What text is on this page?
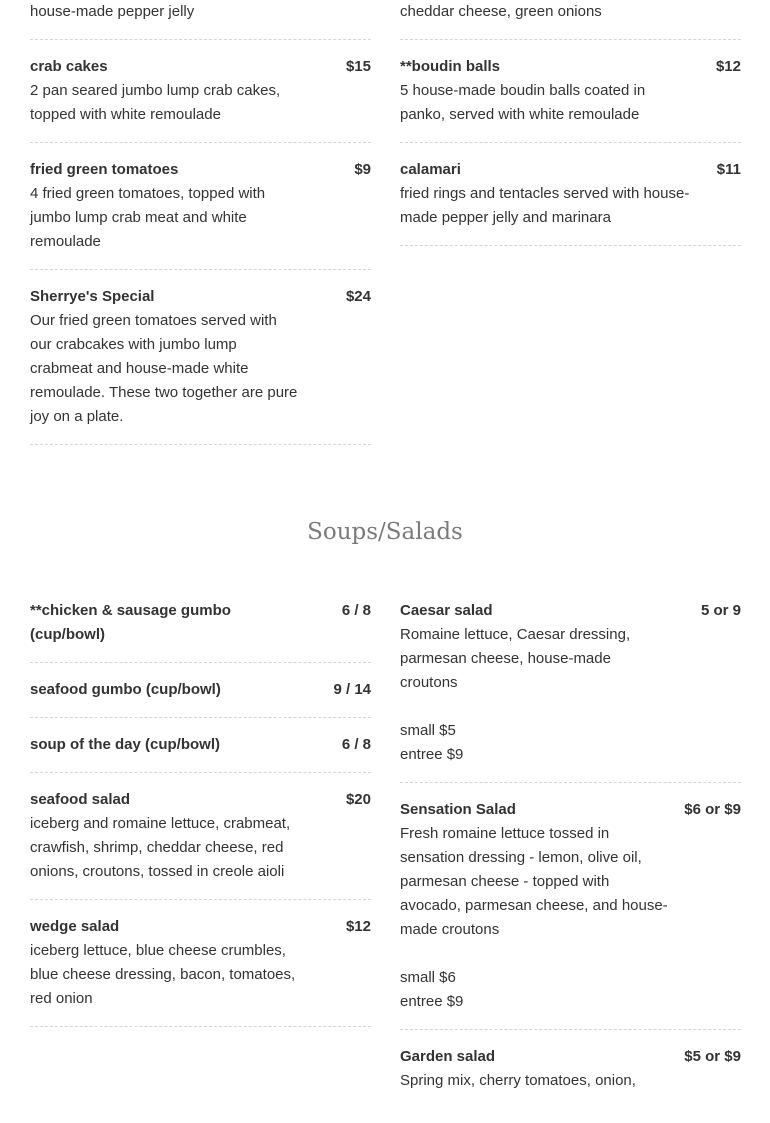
house-made pepper jelly
crab cakes	$15
2 pan seared jumbo lump crab cakes, topped with white remoulade
fried green tomatoes	$9
4 fried green tomatoes, topped with jumbo lump crab meat and white remoulade
Sherrye's Special	$24
Our fried green tomatoes served with our crabcakes with jumbo lump crabmeat and house-made white remoulade. These two together are pure joy on a plate.
cheddar cheese, green onions
**boudin balls	$12
5 house-made boudin balls coated in panko, served with white remoulade
calamari	$11
fried rings and tentacles served with house-made pepper jelly and marinara
Soups/Salads
**chicken & sausage gumbo (cup/bowl)
6 / 8
seafood gumbo (cup/bowl)	9 / 14
soup of the day (cup/bowl)	6 / 8
seafood salad	$20
iceberg and romaine lettuce, crabmeat, crawfish, shrimp, cheddar cheese, red onions, croutons, tossed in creole aioli
wedge salad	$12
iceberg lettuce, blue cheese crumbles, blue cheese dressing, bacon, tomatoes, red onion
Caesar salad	5 or 9
Romaine lettuce, Caesar dressing, parmesan cheese, house-made croutons
small $5
entree $9
Sensation Salad	$6 or $9
Fresh romaine lettuce tossed in sensation dressing - lemon, olive oil, parmesan cheese - topped with avocado, parmesan cheese, and house-made croutons
small $6
entree $9
Garden salad	$5 or $9
Spring mix, cherry tomatoes, onion,
